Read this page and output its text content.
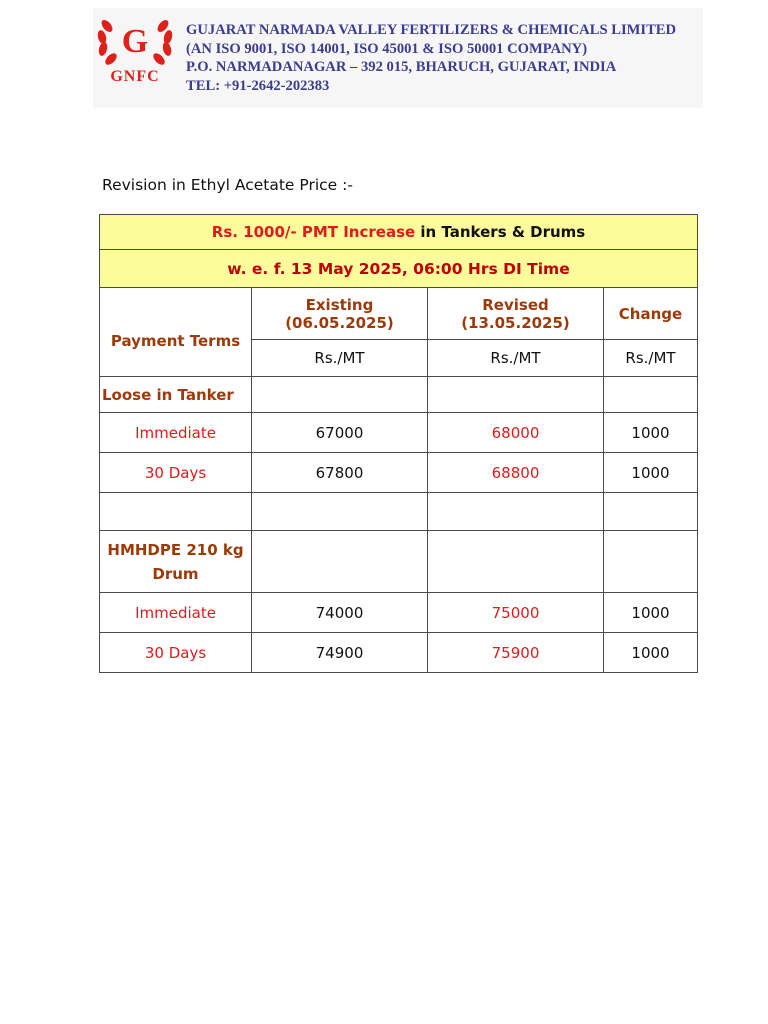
G
GNFC
GUJARAT NARMADA VALLEY FERTILIZERS & CHEMICALS LIMITED
(AN ISO 9001, ISO 14001, ISO 45001 & ISO 50001 COMPANY)
P.O. NARMADANAGAR – 392 015, BHARUCH, GUJARAT, INDIA
TEL: +91-2642-202383
Revision in Ethyl Acetate Price :-
Rs. 1000/- PMT Increase in Tankers & Drums			
w. e. f. 13 May 2025, 06:00 Hrs DI Time			
Payment Terms	Existing (06.05.2025)	Revised (13.05.2025)	Change
	Rs./MT	Rs./MT	Rs./MT
Loose in Tanker			
Immediate	67000	68000	1000
30 Days	67800	68800	1000

HMHDPE 210 kg Drum			
Immediate	74000	75000	1000
30 Days	74900	75900	1000
